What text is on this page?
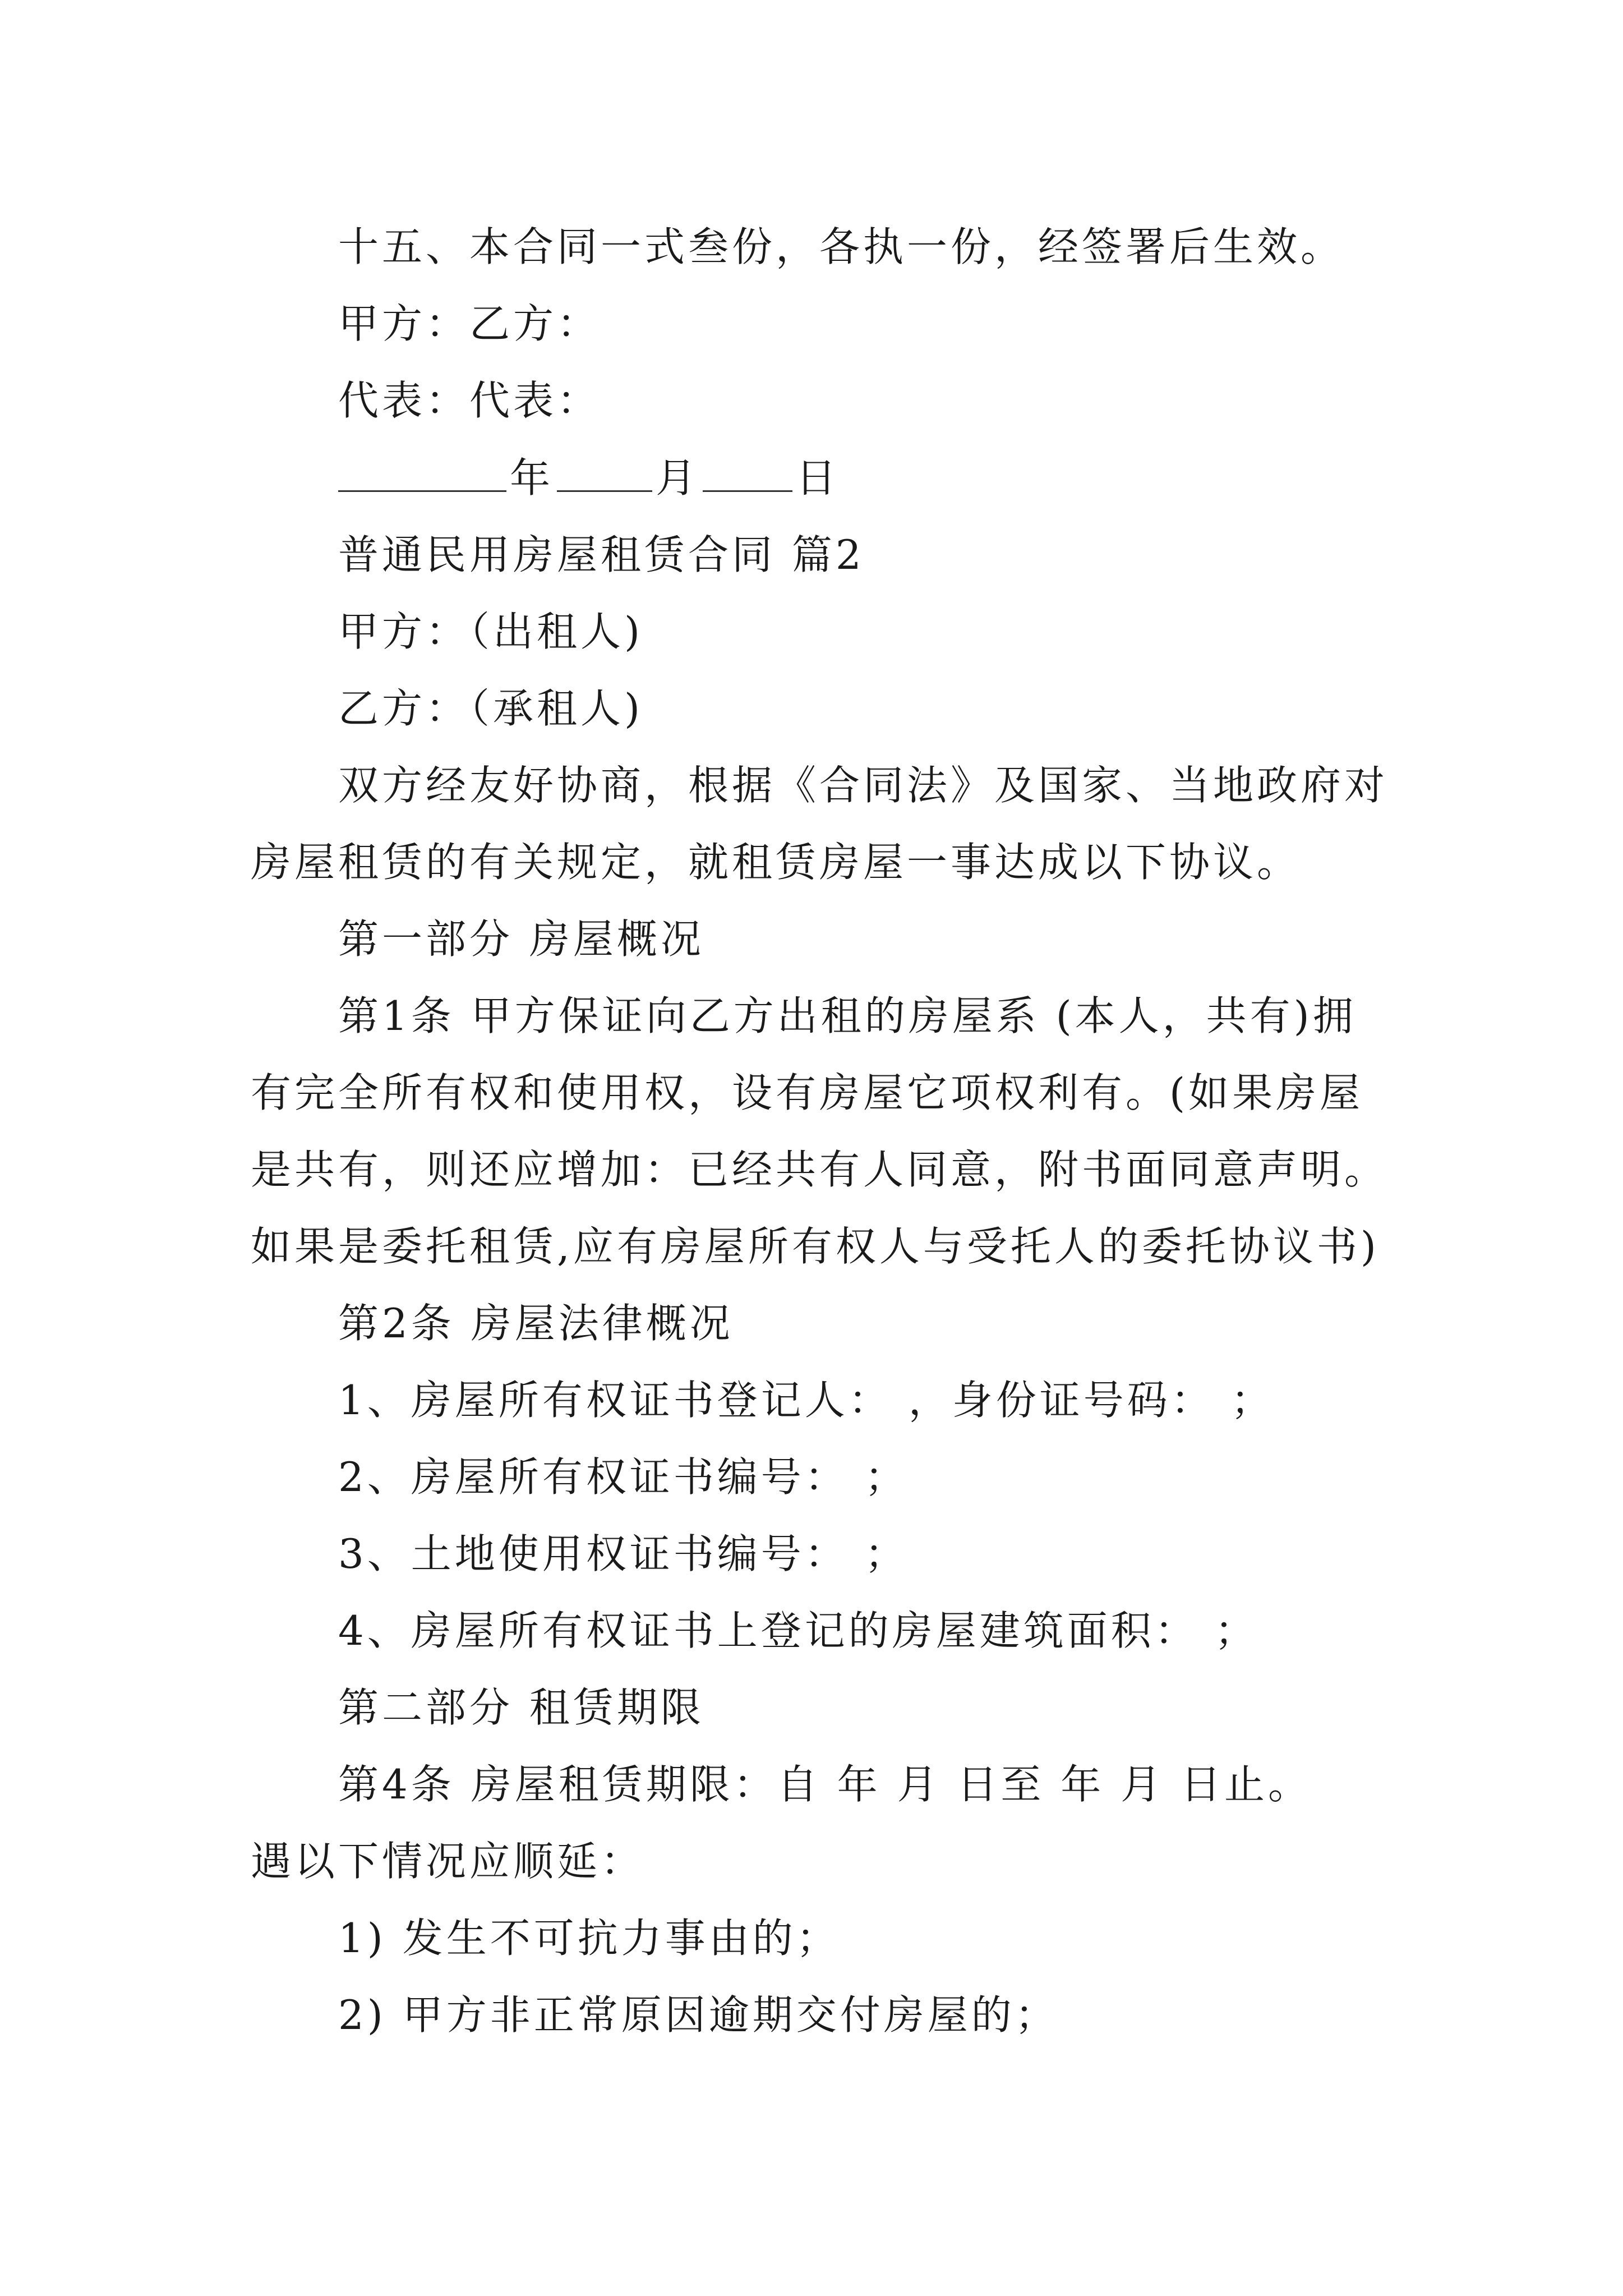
十五、本合同一式叁份，各执一份，经签署后生效。
甲方：乙方：
代表：代表：
年	月 日
普通民用房屋租赁合同 篇2
甲方：（出租人)
乙方：（承租人)
双方经友好协商，根据《合同法》及国家、当地政府对
房屋租赁的有关规定，就租赁房屋一事达成以下协议。
第一部分 房屋概况
第1条 甲方保证向乙方出租的房屋系 (本人，共有)拥
有完全所有权和使用权，设有房屋它项权利有。(如果房屋
是共有，则还应增加：已经共有人同意，附书面同意声明。
如果是委托租赁,应有房屋所有权人与受托人的委托协议书)
第2条 房屋法律概况
1、房屋所有权证书登记人： ，身份证号码： ；
2、房屋所有权证书编号： ；
3、土地使用权证书编号： ；
4、房屋所有权证书上登记的房屋建筑面积： ；
第二部分 租赁期限
第4条 房屋租赁期限：自 年 月 日至 年 月 日止。
遇以下情况应顺延：
1) 发生不可抗力事由的；
2) 甲方非正常原因逾期交付房屋的；
